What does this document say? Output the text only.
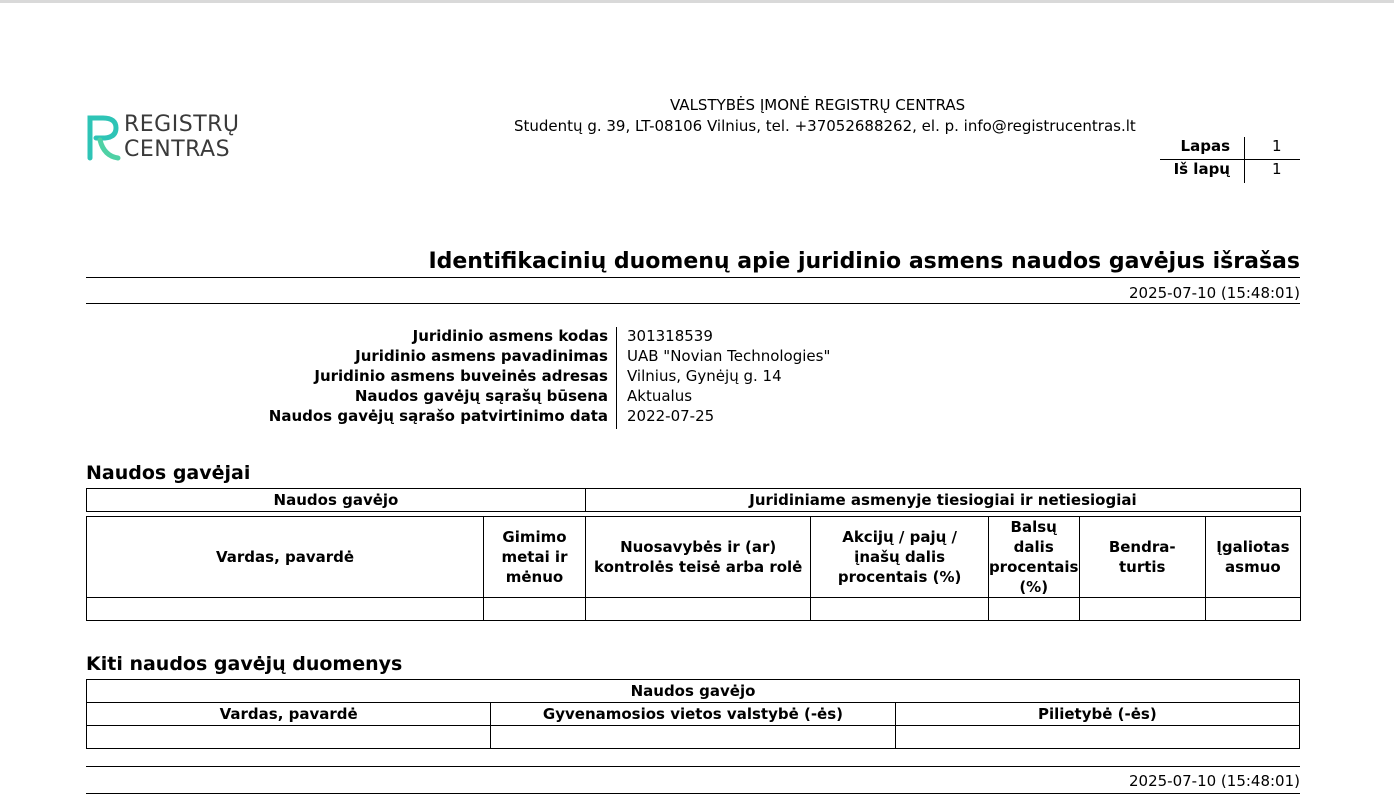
REGISTRŲ
CENTRAS
VALSTYBĖS ĮMONĖ REGISTRŲ CENTRAS
Studentų g. 39, LT-08106 Vilnius, tel. +37052688262, el. p. info@registrucentras.lt
Lapas	1
Iš lapų	1
Identifikacinių duomenų apie juridinio asmens naudos gavėjus išrašas
2025-07-10 (15:48:01)
Juridinio asmens kodas 301318539
Juridinio asmens pavadinimas UAB "Novian Technologies"
Juridinio asmens buveinės adresas Vilnius, Gynėjų g. 14
Naudos gavėjų sąrašų būsena Aktualus
Naudos gavėjų sąrašo patvirtinimo data 2022-07-25
Naudos gavėjai
Naudos gavėjo		Juridiniame asmenyje tiesiogiai ir netiesiogiai				

Vardas, pavardė	Gimimo metai ir mėnuo	Nuosavybės ir (ar) kontrolės teisė arba rolė	Akcijų / pajų / įnašų dalis procentais (%)	Balsų dalis procentais (%)	Bendra-turtis	Įgaliotas asmuo

Kiti naudos gavėjų duomenys
Naudos gavėjo		
Vardas, pavardė	Gyvenamosios vietos valstybė (-ės)	Pilietybė (-ės)

2025-07-10 (15:48:01)
